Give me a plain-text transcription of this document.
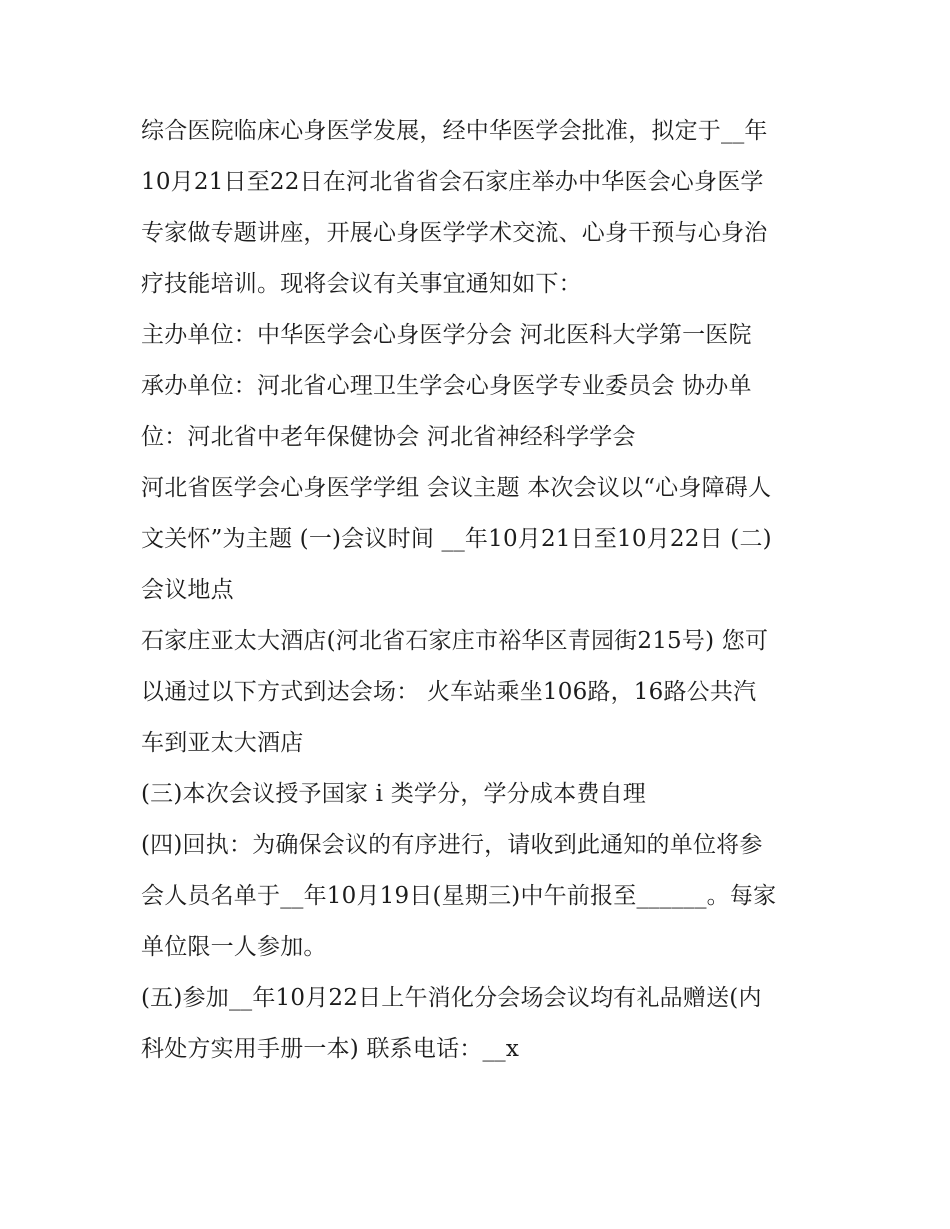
综合医院临床心身医学发展，经中华医学会批准，拟定于__年
10月21日至22日在河北省省会石家庄举办中华医会心身医学
专家做专题讲座，开展心身医学学术交流、心身干预与心身治
疗技能培训。现将会议有关事宜通知如下：
主办单位：中华医学会心身医学分会 河北医科大学第一医院
承办单位：河北省心理卫生学会心身医学专业委员会 协办单
位：河北省中老年保健协会 河北省神经科学学会
河北省医学会心身医学学组 会议主题 本次会议以“心身障碍人
文关怀”为主题 (一)会议时间 __年10月21日至10月22日 (二)
会议地点
石家庄亚太大酒店(河北省石家庄市裕华区青园街215号) 您可
以通过以下方式到达会场： 火车站乘坐106路，16路公共汽
车到亚太大酒店
(三)本次会议授予国家 i 类学分，学分成本费自理
(四)回执：为确保会议的有序进行，请收到此通知的单位将参
会人员名单于__年10月19日(星期三)中午前报至______。每家
单位限一人参加。
(五)参加__年10月22日上午消化分会场会议均有礼品赠送(内
科处方实用手册一本) 联系电话：__x
